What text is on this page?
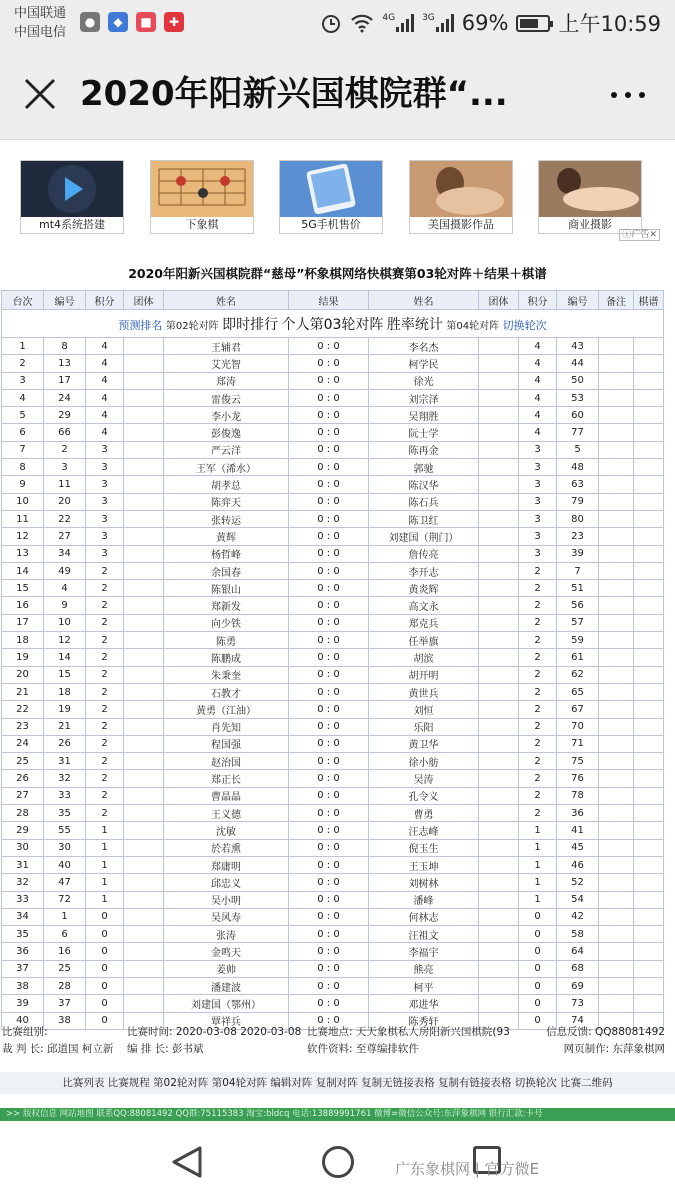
中国联通
中国电信
●	◆	■	✚	4G	3G 69% 上午10:59
2020年阳新兴国棋院群“...
mt4系统搭建	下象棋	5G手机售价	美国摄影作品	商业摄影
ⓘ广告✕
2020年阳新兴国棋院群“慈母”杯象棋网络快棋赛第03轮对阵＋结果＋棋谱
台次	编号	积分	团体	姓名	结果	姓名	团体	积分	编号	备注	棋谱
预测排名 第02轮对阵 即时排行 个人第03轮对阵 胜率统计 第04轮对阵 切换轮次											
1	8	4		王辅君	0 : 0	李名杰		4	43		
2	13	4		艾光智	0 : 0	柯学民		4	44		
3	17	4		郑涛	0 : 0	徐光		4	50		
4	24	4		雷俊云	0 : 0	刘宗泽		4	53		
5	29	4		李小龙	0 : 0	吴翔胜		4	60		
6	66	4		彭俊逸	0 : 0	阮士学		4	77		
7	2	3		严云洋	0 : 0	陈再金		3	5		
8	3	3		王军（浠水）	0 : 0	郭驰		3	48		
9	11	3		胡孝总	0 : 0	陈汉华		3	63		
10	20	3		陈弈天	0 : 0	陈石兵		3	79		
11	22	3		张转运	0 : 0	陈卫红		3	80		
12	27	3		黄辉	0 : 0	刘建国（荆门）		3	23		
13	34	3		杨哲峰	0 : 0	詹传亮		3	39		
14	49	2		余国春	0 : 0	李开志		2	7		
15	4	2		陈银山	0 : 0	黄炎辉		2	51		
16	9	2		郑新发	0 : 0	高文永		2	56		
17	10	2		向少铁	0 : 0	郑克兵		2	57		
18	12	2		陈勇	0 : 0	任举旗		2	59		
19	14	2		陈鹏成	0 : 0	胡滨		2	61		
20	15	2		朱秉奎	0 : 0	胡开明		2	62		
21	18	2		石教才	0 : 0	黄世兵		2	65		
22	19	2		黄勇（江油）	0 : 0	刘恒		2	67		
23	21	2		肖先知	0 : 0	乐阳		2	70		
24	26	2		程国强	0 : 0	黄卫华		2	71		
25	31	2		赵治国	0 : 0	徐小舫		2	75		
26	32	2		郑正长	0 : 0	吴涛		2	76		
27	33	2		曹晶晶	0 : 0	孔令义		2	78		
28	35	2		王义德	0 : 0	曹勇		2	36		
29	55	1		沈敏	0 : 0	汪志峰		1	41		
30	30	1		於若熏	0 : 0	倪玉生		1	45		
31	40	1		郑庸明	0 : 0	王玉坤		1	46		
32	47	1		邱忠义	0 : 0	刘树林		1	52		
33	72	1		吴小明	0 : 0	潘峰		1	54		
34	1	0		吴风寿	0 : 0	何林志		0	42		
35	6	0		张涛	0 : 0	汪祖文		0	58		
36	16	0		金鸣天	0 : 0	李福宇		0	64		
37	25	0		姜帅	0 : 0	熊亮		0	68		
38	28	0		潘建波	0 : 0	柯平		0	69		
39	37	0		刘建国（鄂州）	0 : 0	邓进华		0	73		
40	38	0		覃祥兵	0 : 0	陈秀轩		0	74		
比赛组别:	比赛时间: 2020-03-08 2020-03-08 比赛地点: 天天象棋私人房阳新兴国棋院(93	信息反馈: QQ88081492
裁 判 长: 邱道国 柯立新 编 排 长: 彭书斌	软件资料: 至尊编排软件	网页制作: 东萍象棋网
比赛列表 比赛规程 第02轮对阵 第04轮对阵 编辑对阵 复制对阵 复制无链接表格 复制有链接表格 切换轮次 比赛二维码
>> 版权信息 网站地图 联系QQ:88081492 QQ群:75115383 淘宝:bldcq 电话:13889991761 微博=微信公众号:东萍象棋网 银行汇款:卡号
广东象棋网 | 官方微E
